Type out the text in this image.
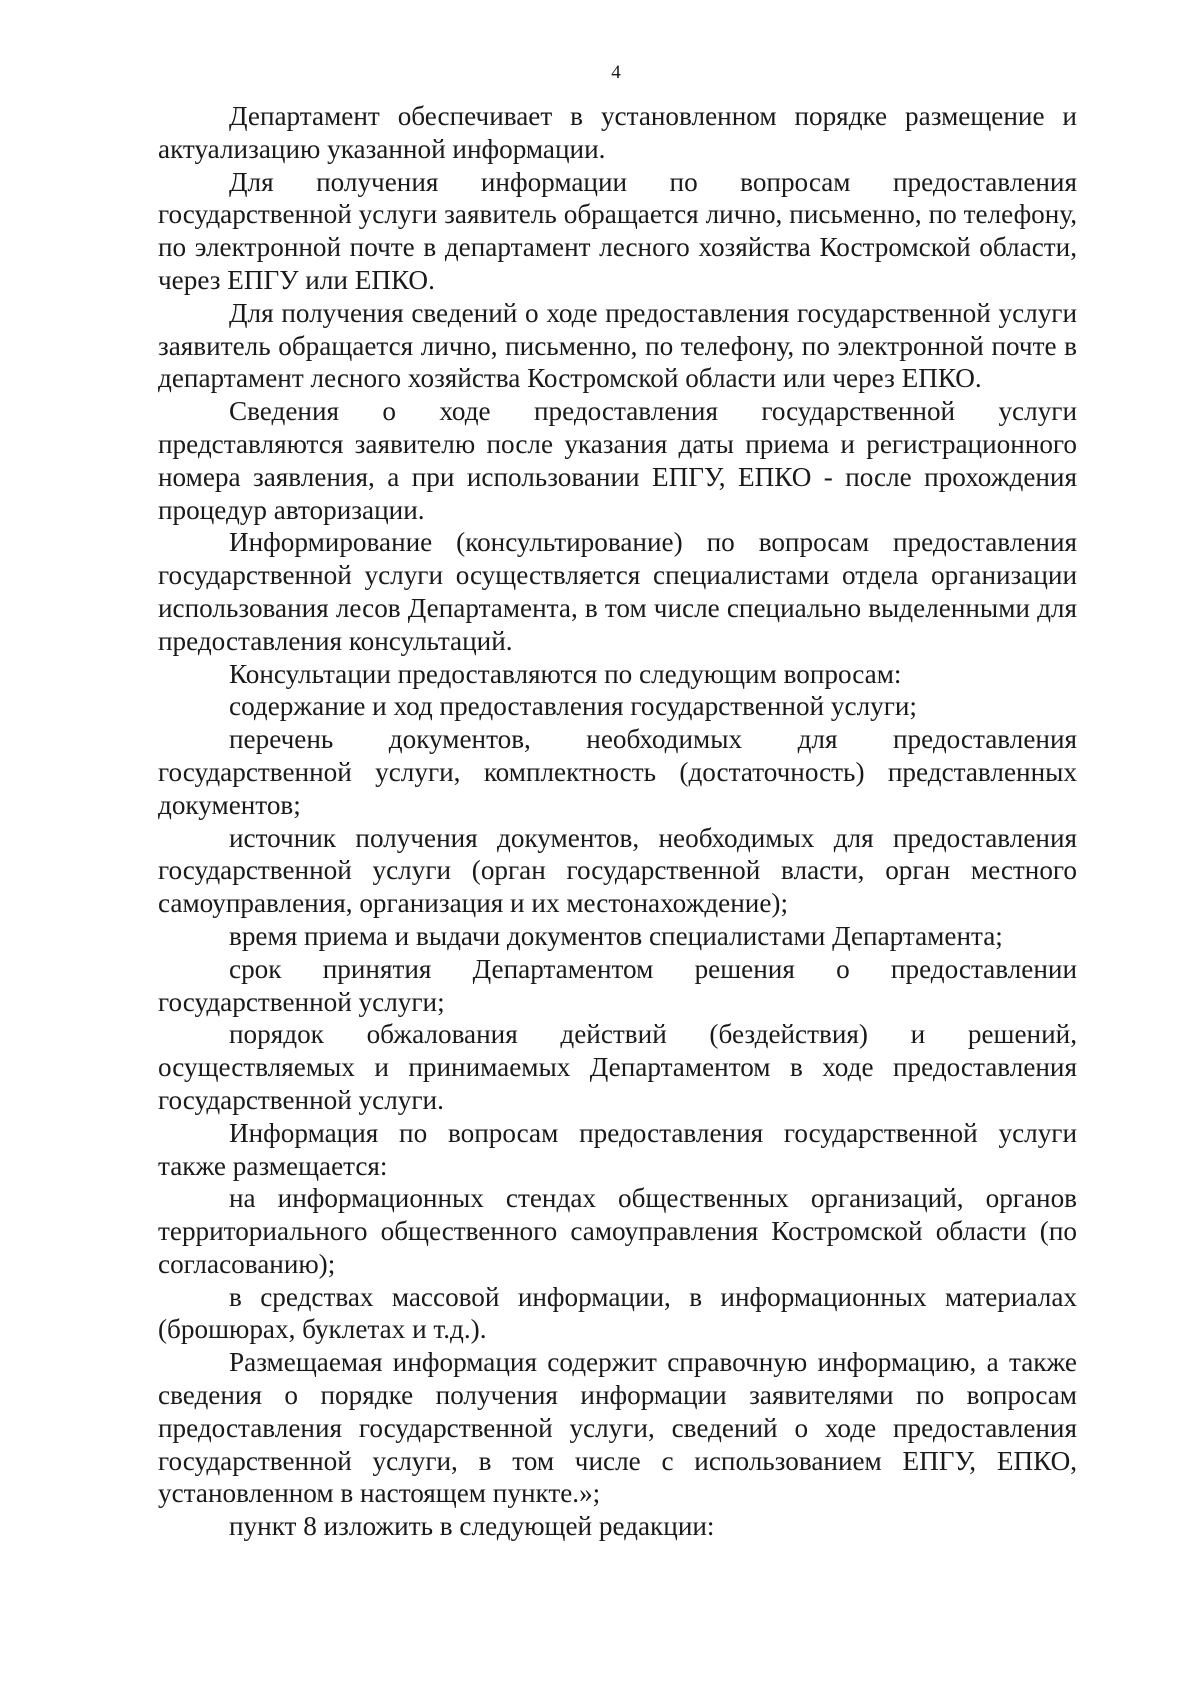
4

Департамент обеспечивает в установленном порядке размещение и актуализацию указанной информации.

Для получения информации по вопросам предоставления государственной услуги заявитель обращается лично, письменно, по телефону, по электронной почте в департамент лесного хозяйства Костромской области, через ЕПГУ или ЕПКО.

Для получения сведений о ходе предоставления государственной услуги заявитель обращается лично, письменно, по телефону, по электронной почте в департамент лесного хозяйства Костромской области или через ЕПКО.

Сведения о ходе предоставления государственной услуги представляются заявителю после указания даты приема и регистрационного номера заявления, а при использовании ЕПГУ, ЕПКО - после прохождения процедур авторизации.

Информирование (консультирование) по вопросам предоставления государственной услуги осуществляется специалистами отдела организации использования лесов Департамента, в том числе специально выделенными для предоставления консультаций.

Консультации предоставляются по следующим вопросам:

содержание и ход предоставления государственной услуги;

перечень документов, необходимых для предоставления государственной услуги, комплектность (достаточность) представленных документов;

источник получения документов, необходимых для предоставления государственной услуги (орган государственной власти, орган местного самоуправления, организация и их местонахождение);

время приема и выдачи документов специалистами Департамента;

срок принятия Департаментом решения о предоставлении государственной услуги;

порядок обжалования действий (бездействия) и решений, осуществляемых и принимаемых Департаментом в ходе предоставления государственной услуги.

Информация по вопросам предоставления государственной услуги также размещается:

на информационных стендах общественных организаций, органов территориального общественного самоуправления Костромской области (по согласованию);

в средствах массовой информации, в информационных материалах (брошюрах, буклетах и т.д.).

Размещаемая информация содержит справочную информацию, а также сведения о порядке получения информации заявителями по вопросам предоставления государственной услуги, сведений о ходе предоставления государственной услуги, в том числе с использованием ЕПГУ, ЕПКО, установленном в настоящем пункте.»;

пункт 8 изложить в следующей редакции:
